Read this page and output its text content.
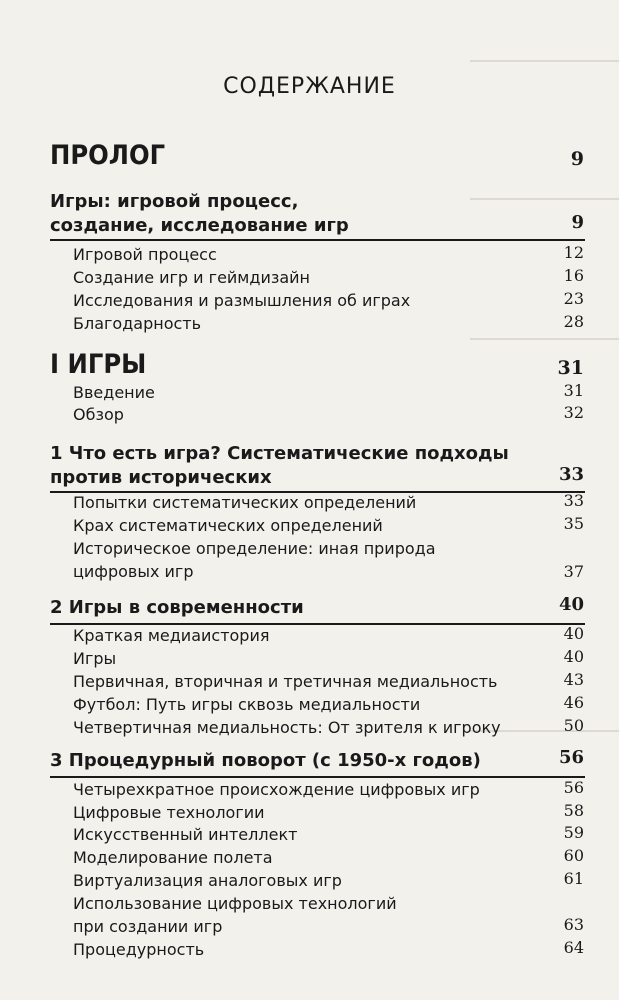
СОДЕРЖАНИЕ
ПРОЛОГ	9
Игры: игровой процесс,
создание, исследование игр	9
Игровой процесс	12
Создание игр и геймдизайн	16
Исследования и размышления об играх	23
Благодарность	28
I ИГРЫ	31
Введение	31
Обзор	32
1 Что есть игра? Систематические подходы
против исторических	33
Попытки систематических определений	33
Крах систематических определений	35
Историческое определение: иная природа
цифровых игр	37
2 Игры в современности	40
Краткая медиаистория	40
Игры	40
Первичная, вторичная и третичная медиальность	43
Футбол: Путь игры сквозь медиальности	46
Четвертичная медиальность: От зрителя к игроку	50
3 Процедурный поворот (с 1950-х годов)	56
Четырехкратное происхождение цифровых игр	56
Цифровые технологии	58
Искусственный интеллект	59
Моделирование полета	60
Виртуализация аналоговых игр	61
Использование цифровых технологий
при создании игр	63
Процедурность	64
